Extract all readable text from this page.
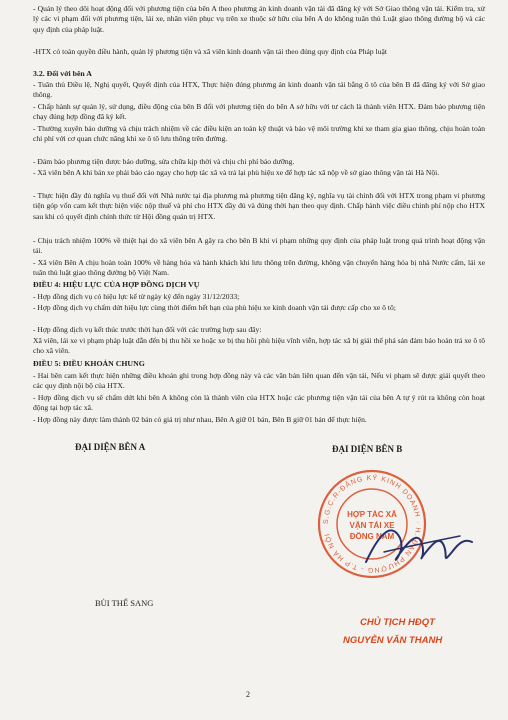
- Quản lý theo dõi hoạt động đối với phương tiện của bên A theo phương án kinh doanh vận tải đã đăng ký với Sở Giao thông vận tải. Kiểm tra, xử lý các vi phạm đối với phương tiện, lái xe, nhân viên phục vụ trên xe thuộc sở hữu của bên A do không tuân thủ Luật giao thông đường bộ và các quy định của pháp luật.

-HTX có toàn quyền điều hành, quản lý phương tiện và xã viên kinh doanh vận tải theo đúng quy định của Pháp luật

3.2. Đối với bên A

- Tuân thủ Điều lệ, Nghị quyết, Quyết định của HTX, Thực hiện đúng phương án kinh doanh vận tải bằng ô tô của bên B đã đăng ký với Sở giao thông.

- Chấp hành sự quản lý, sử dụng, điều động của bên B đối với phương tiện do bên A sở hữu với tư cách là thành viên HTX. Đảm bảo phương tiện chạy đúng hợp đồng đã ký kết.

- Thường xuyên bảo dưỡng và chịu trách nhiệm về các điều kiện an toàn kỹ thuật và bảo vệ môi trường khi xe tham gia giao thông, chịu hoàn toàn chi phí với cơ quan chức năng khi xe ô tô lưu thông trên đường.

- Đảm bảo phương tiện được bảo dưỡng, sửa chữa kịp thời và chịu chi phí bảo dưỡng.

- Xã viên bên A khi bán xe phải báo cáo ngay cho hợp tác xã và trả lại phù hiệu xe để hợp tác xã nộp về sở giao thông vận tải Hà Nội.

- Thực hiện đầy đủ nghĩa vụ thuế đối với Nhà nước tại địa phương mà phương tiện đăng ký, nghĩa vụ tài chính đối với HTX trong phạm vi phương tiện góp vốn cam kết thực hiện việc nộp thuế và phí cho HTX đầy đủ và đúng thời hạn theo quy định. Chấp hành việc điều chỉnh phí nộp cho HTX sau khi có quyết định chính thức từ Hội đồng quản trị HTX.

- Chịu trách nhiệm 100% về thiệt hại do xã viên bên A gây ra cho bên B khi vi phạm những quy định của pháp luật trong quá trình hoạt động vận tải.

- Xã viên Bên A chịu hoàn toàn 100% về hàng hóa và hành khách khi lưu thông trên đường, không vận chuyển hàng hóa bị nhà Nước cấm, lái xe tuân thủ luật giao thông đường bộ Việt Nam.

ĐIỀU 4: HIỆU LỰC CỦA HỢP ĐỒNG DỊCH VỤ

- Hợp đồng dịch vụ có hiệu lực kể từ ngày ký đến ngày 31/12/2033;

- Hợp đồng dịch vụ chấm dứt hiệu lực cùng thời điểm hết hạn của phù hiệu xe kinh doanh vận tải được cấp cho xe ô tô;

- Hợp đồng dịch vụ kết thúc trước thời hạn đối với các trường hợp sau đây:

Xã viên, lái xe vi phạm pháp luật dẫn đến bị thu hồi xe hoặc xe bị thu hồi phù hiệu vĩnh viễn, hợp tác xã bị giải thể phá sản đảm bảo hoàn trả xe ô tô cho xã viên.

ĐIỀU 5: ĐIỀU KHOẢN CHUNG

- Hai bên cam kết thực hiện những điều khoản ghi trong hợp đồng này và các văn bản liên quan đến vận tải, Nếu vi phạm sẽ được giải quyết theo các quy định nội bộ của HTX.

- Hợp đồng dịch vụ sẽ chấm dứt khi bên A không còn là thành viên của HTX hoặc các phương tiện vận tải của bên A tự ý rút ra không còn hoạt động tại hợp tác xã.

- Hợp đồng này được làm thành 02 bản có giá trị như nhau, Bên A giữ 01 bản, Bên B giữ 01 bản để thực hiện.

ĐẠI DIỆN BÊN A
BÙI THẾ SANG
ĐẠI DIỆN BÊN B
S.G.C.R-ĐĂNG KÝ KINH DOANH · H. ĐAN PHƯỢNG - T.P HÀ NỘI
HỢP TÁC XÃ
VẬN TẢI XE
ĐÔNG NAM
CHỦ TỊCH HĐQT
NGUYỄN VĂN THANH
2
